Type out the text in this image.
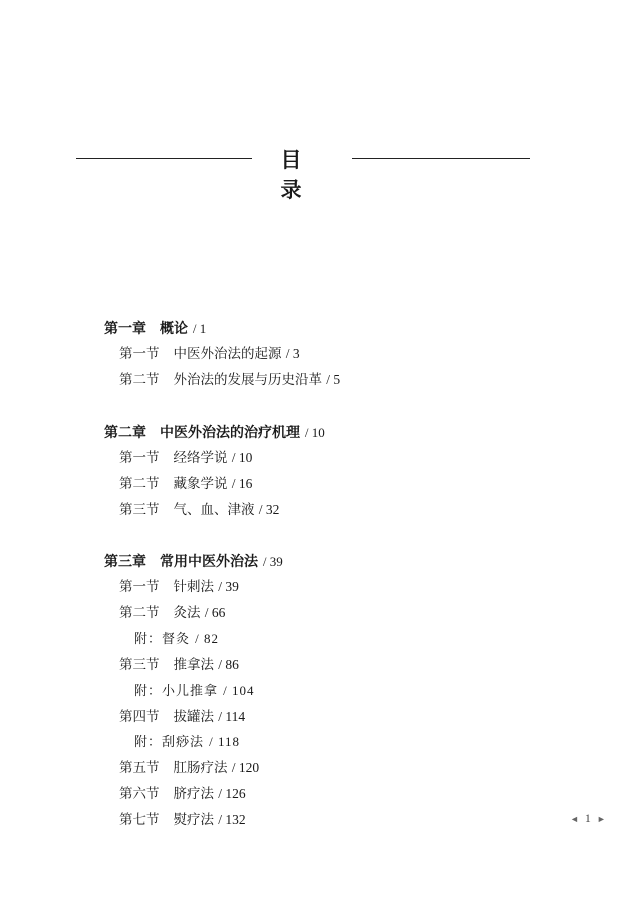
目 录
第一章 概论 / 1
第一节 中医外治法的起源 / 3
第二节 外治法的发展与历史沿革 / 5
第二章 中医外治法的治疗机理 / 10
第一节 经络学说 / 10
第二节 藏象学说 / 16
第三节 气、血、津液 / 32
第三章 常用中医外治法 / 39
第一节 针刺法 / 39
第二节 灸法 / 66
附：督灸 / 82
第三节 推拿法 / 86
附：小儿推拿 / 104
第四节 拔罐法 / 114
附：刮痧法 / 118
第五节 肛肠疗法 / 120
第六节 脐疗法 / 126
第七节 熨疗法 / 132	◄ 1 ►
